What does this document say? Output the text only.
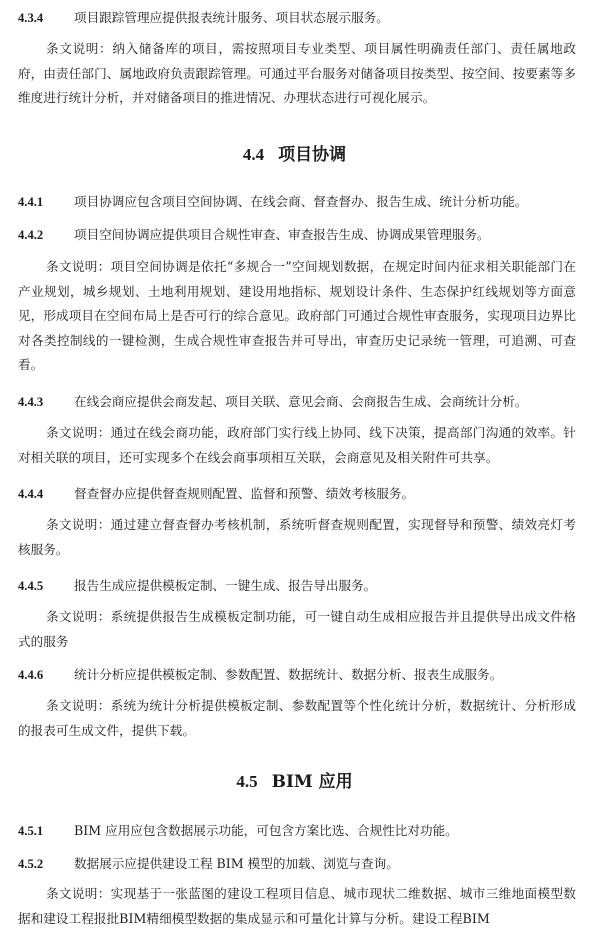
4.3.4 项目跟踪管理应提供报表统计服务、项目状态展示服务。
条文说明：纳入储备库的项目，需按照项目专业类型、项目属性明确责任部门、责任属地政府，由责任部门、属地政府负责跟踪管理。可通过平台服务对储备项目按类型、按空间、按要素等多维度进行统计分析，并对储备项目的推进情况、办理状态进行可视化展示。
4.4 项目协调
4.4.1 项目协调应包含项目空间协调、在线会商、督查督办、报告生成、统计分析功能。
4.4.2 项目空间协调应提供项目合规性审查、审查报告生成、协调成果管理服务。
条文说明：项目空间协调是依托“多规合一”空间规划数据，在规定时间内征求相关职能部门在产业规划，城乡规划、土地利用规划、建设用地指标、规划设计条件、生态保护红线规划等方面意见，形成项目在空间布局上是否可行的综合意见。政府部门可通过合规性审查服务，实现项目边界比对各类控制线的一键检测，生成合规性审查报告并可导出，审查历史记录统一管理，可追溯、可查看。
4.4.3 在线会商应提供会商发起、项目关联、意见会商、会商报告生成、会商统计分析。
条文说明：通过在线会商功能，政府部门实行线上协同、线下决策，提高部门沟通的效率。针对相关联的项目，还可实现多个在线会商事项相互关联，会商意见及相关附件可共享。
4.4.4 督查督办应提供督查规则配置、监督和预警、绩效考核服务。
条文说明：通过建立督查督办考核机制，系统听督查规则配置，实现督导和预警、绩效亮灯考核服务。
4.4.5 报告生成应提供模板定制、一键生成、报告导出服务。
条文说明：系统提供报告生成模板定制功能，可一键自动生成相应报告并且提供导出成文件格式的服务
4.4.6 统计分析应提供模板定制、参数配置、数据统计、数据分析、报表生成服务。
条文说明：系统为统计分析提供模板定制、参数配置等个性化统计分析，数据统计、分析形成的报表可生成文件，提供下载。
4.5 BIM 应用
4.5.1 BIM 应用应包含数据展示功能，可包含方案比选、合规性比对功能。
4.5.2 数据展示应提供建设工程 BIM 模型的加载、浏览与查询。
条文说明：实现基于一张蓝图的建设工程项目信息、城市现状二维数据、城市三维地面模型数据和建设工程报批BIM精细模型数据的集成显示和可量化计算与分析。建设工程BIM
